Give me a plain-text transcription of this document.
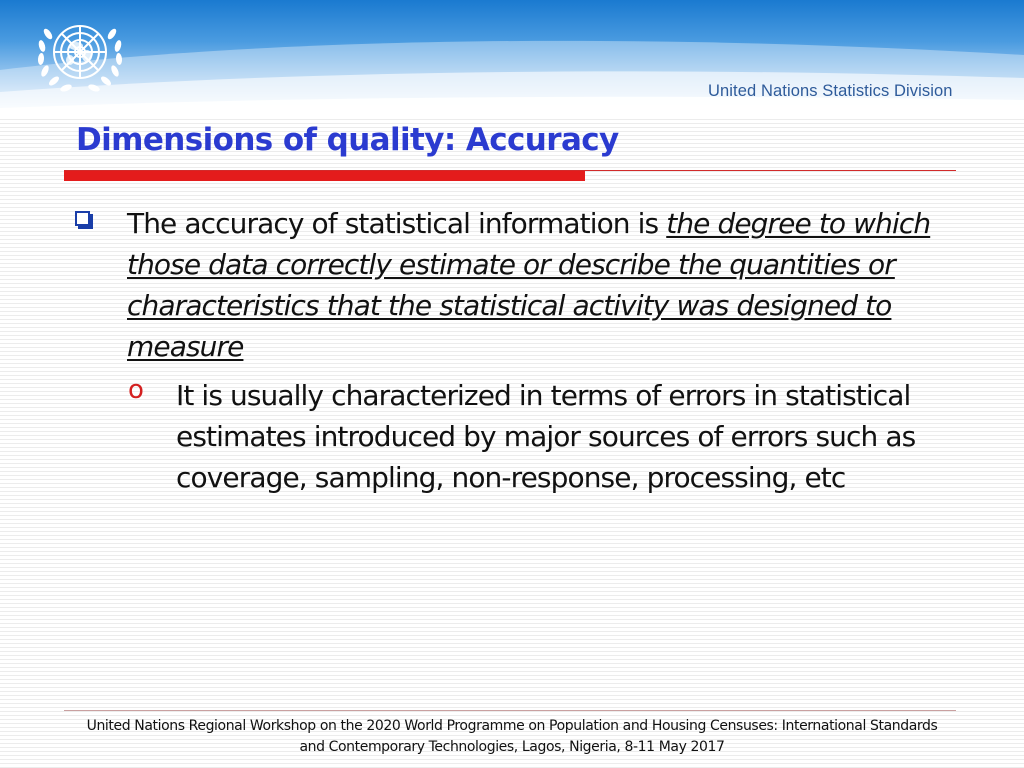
United Nations Statistics Division
Dimensions of quality: Accuracy
The accuracy of statistical information is the degree to which those data correctly estimate or describe the quantities or characteristics that the statistical activity was designed to measure
o It is usually characterized in terms of errors in statistical estimates introduced by major sources of errors such as coverage, sampling, non-response, processing, etc
United Nations Regional Workshop on the 2020 World Programme on Population and Housing Censuses: International Standards
and Contemporary Technologies, Lagos, Nigeria, 8-11 May 2017
